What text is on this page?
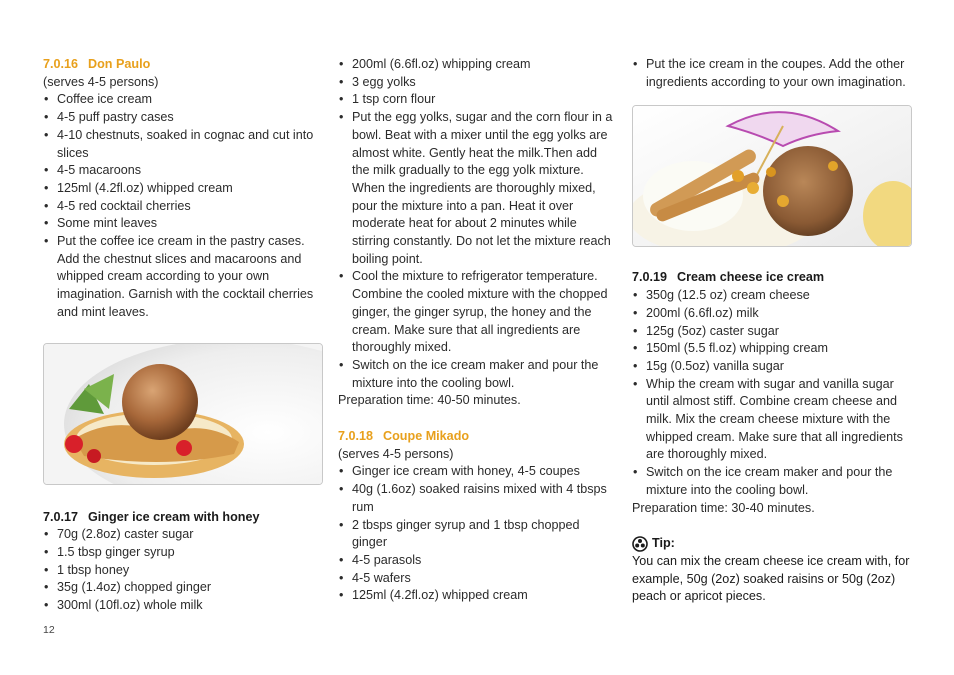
7.0.16 Don Paulo

(serves 4-5 persons)

• Coffee ice cream
• 4-5 puff pastry cases
• 4-10 chestnuts, soaked in cognac and cut into slices
• 4-5 macaroons
• 125ml (4.2fl.oz) whipped cream
• 4-5 red cocktail cherries
• Some mint leaves
• Put the coffee ice cream in the pastry cases. Add the chestnut slices and macaroons and whipped cream according to your own imagination. Garnish with the cocktail cherries and mint leaves.

7.0.17 Ginger ice cream with honey

• 70g (2.8oz) caster sugar
• 1.5 tbsp ginger syrup
• 1 tbsp honey
• 35g (1.4oz) chopped ginger
• 300ml (10fl.oz) whole milk
• 200ml (6.6fl.oz) whipping cream
• 3 egg yolks
• 1 tsp corn flour
• Put the egg yolks, sugar and the corn flour in a bowl. Beat with a mixer until the egg yolks are almost white. Gently heat the milk.Then add the milk gradually to the egg yolk mixture. When the ingredients are thoroughly mixed, pour the mixture into a pan. Heat it over moderate heat for about 2 minutes while stirring constantly. Do not let the mixture reach boiling point.
• Cool the mixture to refrigerator temperature. Combine the cooled mixture with the chopped ginger, the ginger syrup, the honey and the cream. Make sure that all ingredients are thoroughly mixed.
• Switch on the ice cream maker and pour the mixture into the cooling bowl.

Preparation time: 40-50 minutes.

7.0.18 Coupe Mikado

(serves 4-5 persons)

• Ginger ice cream with honey, 4-5 coupes
• 40g (1.6oz) soaked raisins mixed with 4 tbsps rum
• 2 tbsps ginger syrup and 1 tbsp chopped ginger
• 4-5 parasols
• 4-5 wafers
• 125ml (4.2fl.oz) whipped cream
• Put the ice cream in the coupes. Add the other ingredients according to your own imagination.

7.0.19 Cream cheese ice cream

• 350g (12.5 oz) cream cheese
• 200ml (6.6fl.oz) milk
• 125g (5oz) caster sugar
• 150ml (5.5 fl.oz) whipping cream
• 15g (0.5oz) vanilla sugar
• Whip the cream with sugar and vanilla sugar until almost stiff. Combine cream cheese and milk. Mix the cream cheese mixture with the whipped cream. Make sure that all ingredients are thoroughly mixed.
• Switch on the ice cream maker and pour the mixture into the cooling bowl.

Preparation time: 30-40 minutes.

Tip:

You can mix the cream cheese ice cream with, for example, 50g (2oz) soaked raisins or 50g (2oz) peach or apricot pieces.

12
